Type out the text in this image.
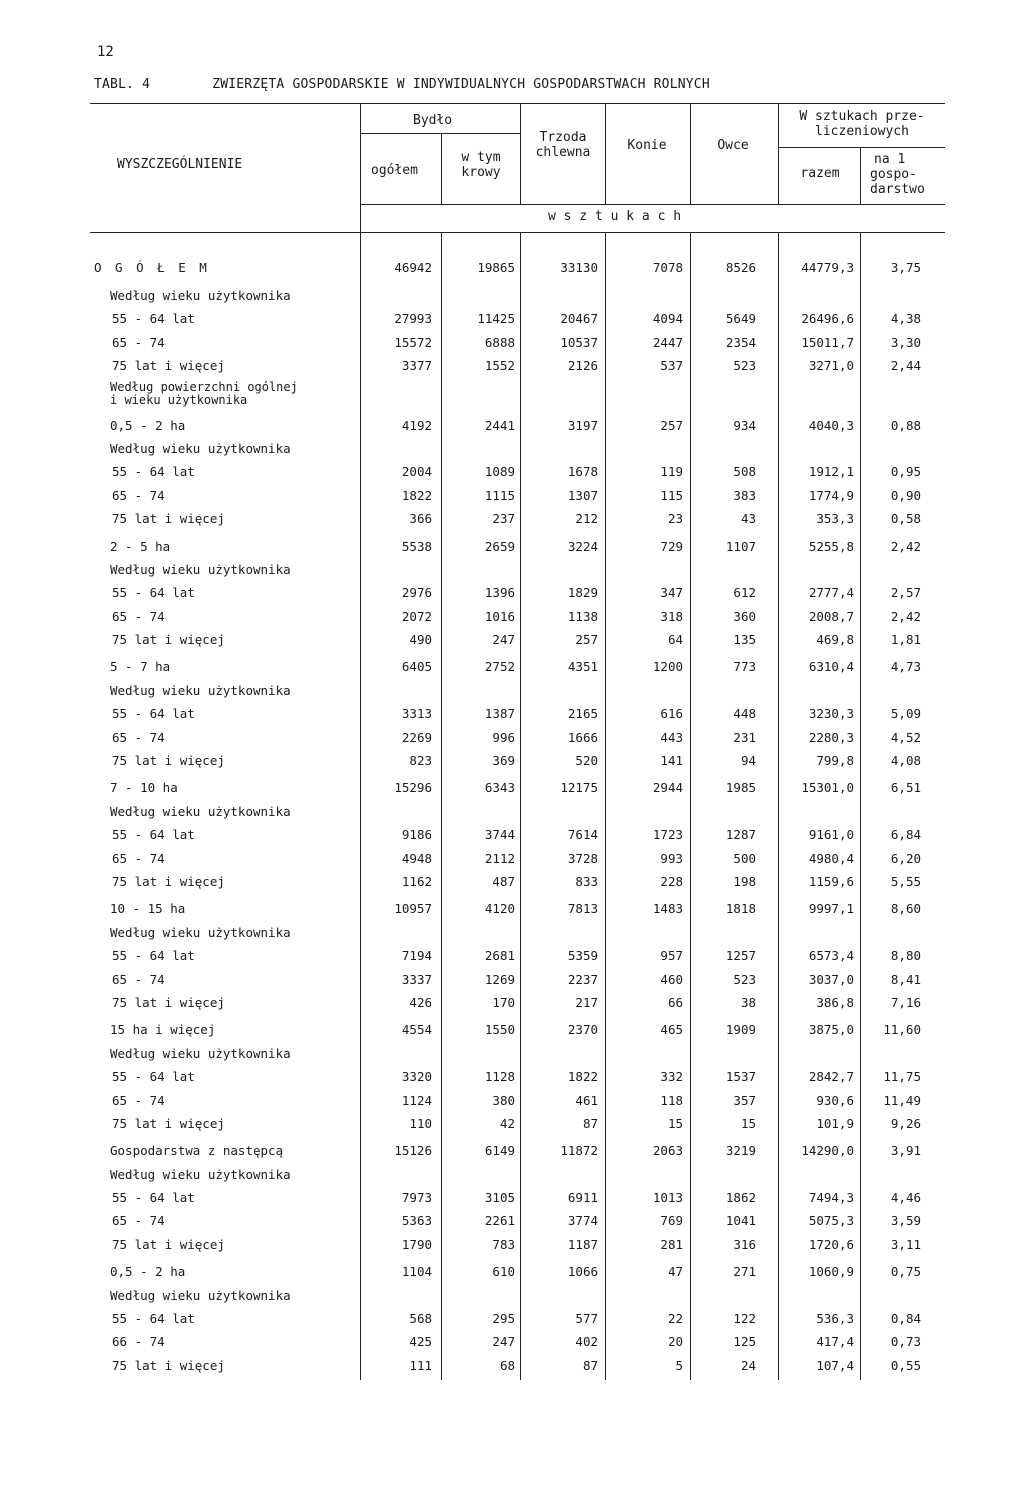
12
TABL. 4	ZWIERZĘTA GOSPODARSKIE W INDYWIDUALNYCH GOSPODARSTWACH ROLNYCH
WYSZCZEGÓLNIENIE
Bydło
ogółem
w tym
krowy
Trzoda
chlewna	Konie	Owce
W sztukach prze-
liczeniowych
razem
na 1
gospo-
darstwo
w s z t u k a c h
O G Ó Ł E M	46942	19865	33130	7078	8526	44779,3	3,75
Według wieku użytkownika
55 - 64 lat	27993	11425	20467	4094	5649	26496,6	4,38
65 - 74	15572	6888	10537	2447	2354	15011,7	3,30
75 lat i więcej	3377	1552	2126	537	523	3271,0	2,44
Według powierzchni ogólnej
i wieku użytkownika
0,5 - 2 ha	4192	2441	3197	257	934	4040,3	0,88
Według wieku użytkownika
55 - 64 lat	2004	1089	1678	119	508	1912,1	0,95
65 - 74	1822	1115	1307	115	383	1774,9	0,90
75 lat i więcej	366	237	212	23	43	353,3	0,58
2 - 5 ha	5538	2659	3224	729	1107	5255,8	2,42
Według wieku użytkownika
55 - 64 lat	2976	1396	1829	347	612	2777,4	2,57
65 - 74	2072	1016	1138	318	360	2008,7	2,42
75 lat i więcej	490	247	257	64	135	469,8	1,81
5 - 7 ha	6405	2752	4351	1200	773	6310,4	4,73
Według wieku użytkownika
55 - 64 lat	3313	1387	2165	616	448	3230,3	5,09
65 - 74	2269	996	1666	443	231	2280,3	4,52
75 lat i więcej	823	369	520	141	94	799,8	4,08
7 - 10 ha	15296	6343	12175	2944	1985	15301,0	6,51
Według wieku użytkownika
55 - 64 lat	9186	3744	7614	1723	1287	9161,0	6,84
65 - 74	4948	2112	3728	993	500	4980,4	6,20
75 lat i więcej	1162	487	833	228	198	1159,6	5,55
10 - 15 ha	10957	4120	7813	1483	1818	9997,1	8,60
Według wieku użytkownika
55 - 64 lat	7194	2681	5359	957	1257	6573,4	8,80
65 - 74	3337	1269	2237	460	523	3037,0	8,41
75 lat i więcej	426	170	217	66	38	386,8	7,16
15 ha i więcej	4554	1550	2370	465	1909	3875,0 11,60
Według wieku użytkownika
55 - 64 lat	3320	1128	1822	332	1537	2842,7 11,75
65 - 74	1124	380	461	118	357	930,6 11,49
75 lat i więcej	110	42	87	15	15	101,9	9,26
Gospodarstwa z następcą	15126	6149	11872	2063	3219	14290,0	3,91
Według wieku użytkownika
55 - 64 lat	7973	3105	6911	1013	1862	7494,3	4,46
65 - 74	5363	2261	3774	769	1041	5075,3	3,59
75 lat i więcej	1790	783	1187	281	316	1720,6	3,11
0,5 - 2 ha	1104	610	1066	47	271	1060,9	0,75
Według wieku użytkownika
55 - 64 lat	568	295	577	22	122	536,3	0,84
66 - 74	425	247	402	20	125	417,4	0,73
75 lat i więcej	111	68	87	5	24	107,4	0,55
